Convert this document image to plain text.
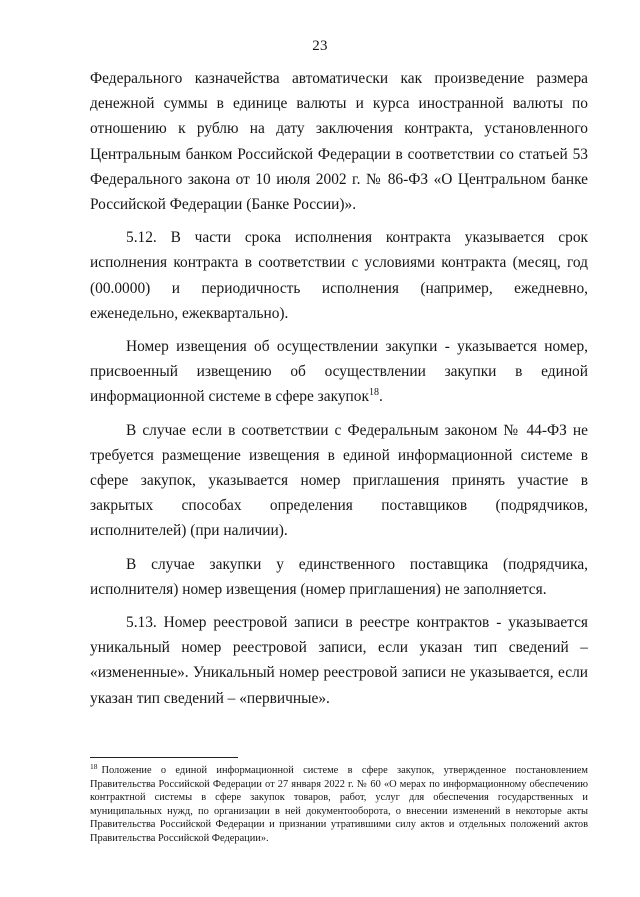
23

Федерального казначейства автоматически как произведение размера денежной суммы в единице валюты и курса иностранной валюты по отношению к рублю на дату заключения контракта, установленного Центральным банком Российской Федерации в соответствии со статьей 53 Федерального закона от 10 июля 2002 г. № 86-ФЗ «О Центральном банке Российской Федерации (Банке России)».

5.12. В части срока исполнения контракта указывается срок исполнения контракта в соответствии с условиями контракта (месяц, год (00.0000) и периодичность исполнения (например, ежедневно, еженедельно, ежеквартально).

Номер извещения об осуществлении закупки - указывается номер, присвоенный извещению об осуществлении закупки в единой информационной системе в сфере закупок$^{18}$.

В случае если в соответствии с Федеральным законом № 44-ФЗ не требуется размещение извещения в единой информационной системе в сфере закупок, указывается номер приглашения принять участие в закрытых способах определения поставщиков (подрядчиков, исполнителей) (при наличии).

В случае закупки у единственного поставщика (подрядчика, исполнителя) номер извещения (номер приглашения) не заполняется.

5.13. Номер реестровой записи в реестре контрактов - указывается уникальный номер реестровой записи, если указан тип сведений – «измененные». Уникальный номер реестровой записи не указывается, если указан тип сведений – «первичные».

$^{18}$ Положение о единой информационной системе в сфере закупок, утвержденное постановлением Правительства Российской Федерации от 27 января 2022 г. № 60 «О мерах по информационному обеспечению контрактной системы в сфере закупок товаров, работ, услуг для обеспечения государственных и муниципальных нужд, по организации в ней документооборота, о внесении изменений в некоторые акты Правительства Российской Федерации и признании утратившими силу актов и отдельных положений актов Правительства Российской Федерации».
